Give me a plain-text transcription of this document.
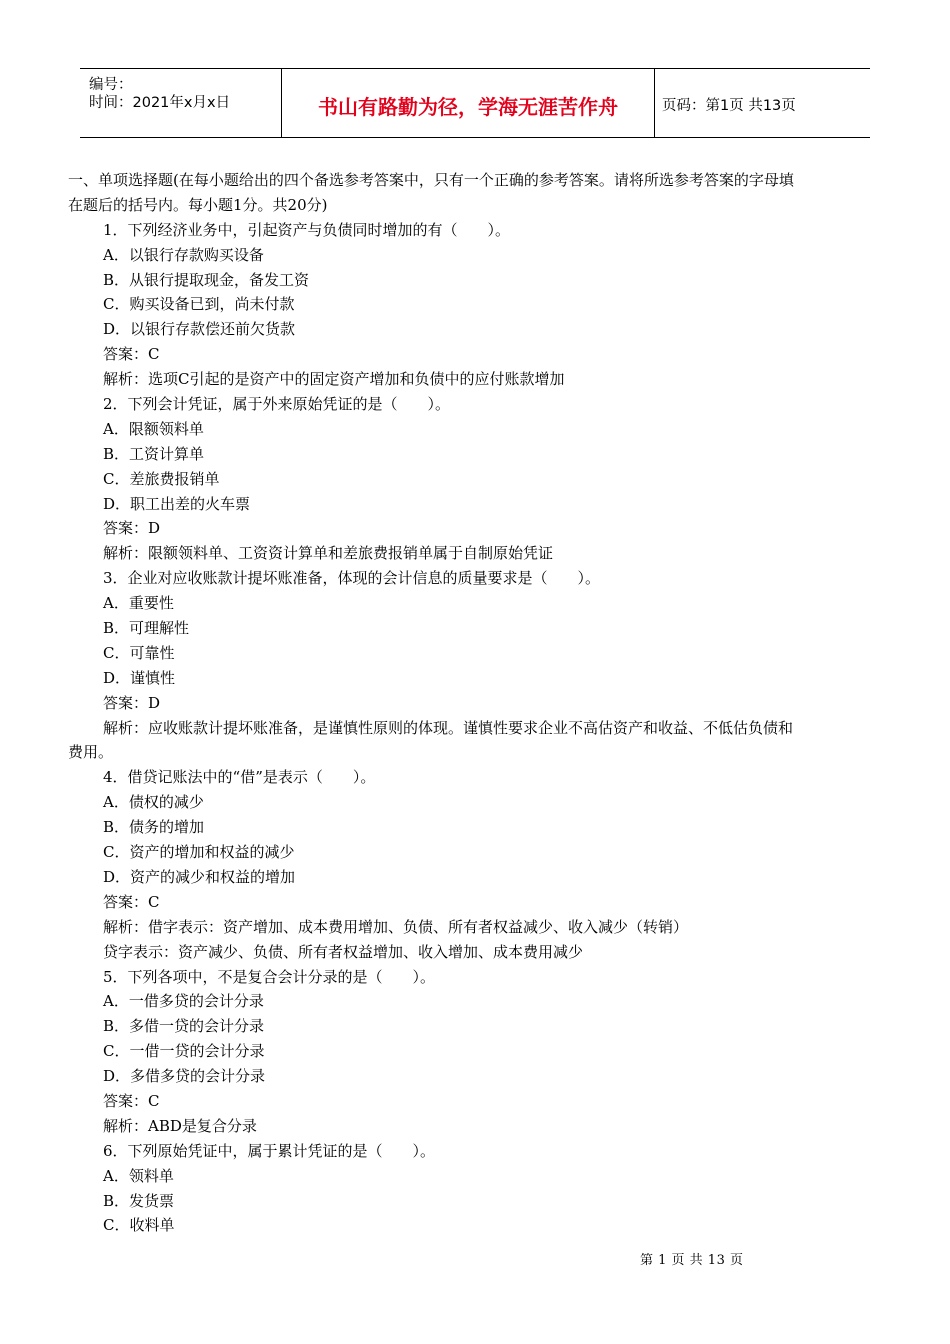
编号：
时间：2021年x月x日	书山有路勤为径，学海无涯苦作舟	页码：第1页 共13页
一、单项选择题(在每小题给出的四个备选参考答案中，只有一个正确的参考答案。请将所选参考答案的字母填
在题后的括号内。每小题1分。共20分)
1．下列经济业务中，引起资产与负债同时增加的有（　　）。
A．以银行存款购买设备
B．从银行提取现金，备发工资
C．购买设备已到，尚未付款
D．以银行存款偿还前欠货款
答案：C
解析：选项C引起的是资产中的固定资产增加和负债中的应付账款增加
2．下列会计凭证，属于外来原始凭证的是（　　）。
A．限额领料单
B．工资计算单
C．差旅费报销单
D．职工出差的火车票
答案：D
解析：限额领料单、工资资计算单和差旅费报销单属于自制原始凭证
3．企业对应收账款计提坏账准备，体现的会计信息的质量要求是（　　）。
A．重要性
B．可理解性
C．可靠性
D．谨慎性
答案：D
解析：应收账款计提坏账准备，是谨慎性原则的体现。谨慎性要求企业不高估资产和收益、不低估负债和
费用。
4．借贷记账法中的“借”是表示（　　）。
A．债权的减少
B．债务的增加
C．资产的增加和权益的减少
D．资产的减少和权益的增加
答案：C
解析：借字表示：资产增加、成本费用增加、负债、所有者权益减少、收入减少（转销）
贷字表示：资产减少、负债、所有者权益增加、收入增加、成本费用减少
5．下列各项中，不是复合会计分录的是（　　）。
A．一借多贷的会计分录
B．多借一贷的会计分录
C．一借一贷的会计分录
D．多借多贷的会计分录
答案：C
解析：ABD是复合分录
6．下列原始凭证中，属于累计凭证的是（　　）。
A．领料单
B．发货票
C．收料单
第 1 页 共 13 页
